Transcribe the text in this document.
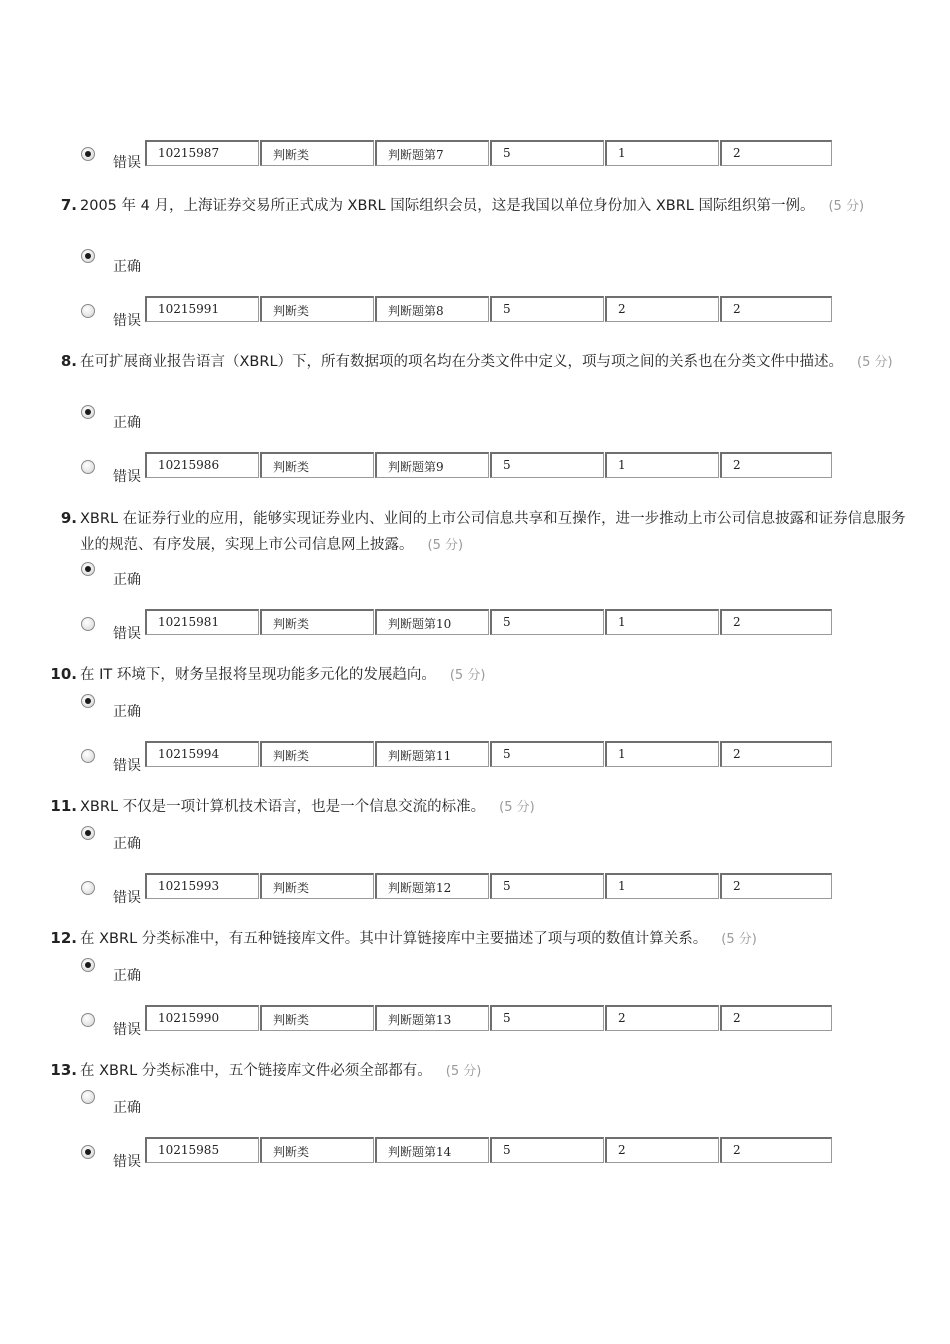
错误
10215987	判断类	判断题第7	5	1	2
7. 2005 年 4 月，上海证券交易所正式成为 XBRL 国际组织会员，这是我国以单位身份加入 XBRL 国际组织第一例。 (5 分)
正确
错误
10215991	判断类	判断题第8	5	2	2
8. 在可扩展商业报告语言（XBRL）下，所有数据项的项名均在分类文件中定义，项与项之间的关系也在分类文件中描述。 (5 分)
正确
错误
10215986	判断类	判断题第9	5	1	2
9. XBRL 在证券行业的应用，能够实现证券业内、业间的上市公司信息共享和互操作，进一步推动上市公司信息披露和证券信息服务业的规范、有序发展，实现上市公司信息网上披露。 (5 分)
正确
错误
10215981	判断类	判断题第10	5	1	2
10. 在 IT 环境下，财务呈报将呈现功能多元化的发展趋向。 (5 分)
正确
错误
10215994	判断类	判断题第11	5	1	2
11. XBRL 不仅是一项计算机技术语言，也是一个信息交流的标准。 (5 分)
正确
错误
10215993	判断类	判断题第12	5	1	2
12. 在 XBRL 分类标准中，有五种链接库文件。其中计算链接库中主要描述了项与项的数值计算关系。 (5 分)
正确
错误
10215990	判断类	判断题第13	5	2	2
13. 在 XBRL 分类标准中，五个链接库文件必须全部都有。 (5 分)
正确
错误
10215985	判断类	判断题第14	5	2	2
